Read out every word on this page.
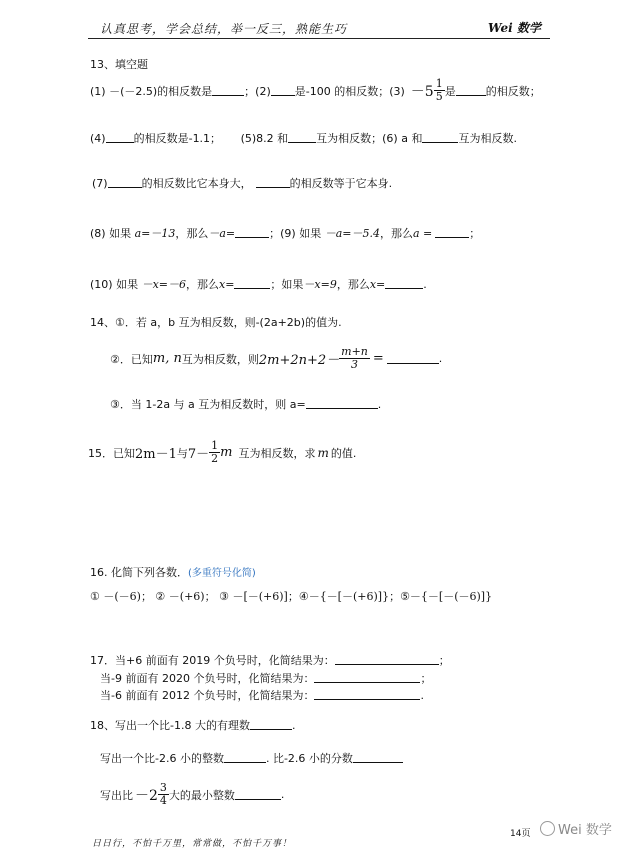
认真思考，学会总结，举一反三，熟能生巧	Wei 数学
13、填空题
(1) －(－2.5)的相反数是	；(2) 是-100 的相反数；$(3) -5 \frac{1}{5}$ 是	的相反数；
(4)	的相反数是-1.1； (5)8.2 和	互为相反数；(6) a 和	互为相反数.
(7)	的相反数比它本身大，	的相反数等于它本身.
(8) 如果 a=－13，那么－a=	；(9) 如果 －a=－5.4，那么a =	；
(10) 如果 －x=－6，那么x=	；如果－x=9，那么x=	.
14、①．若 a，b 互为相反数，则-(2a+2b)的值为.
②．已知 m, n 互为相反数，则 $2m+2n+2- \frac{m+n}{3}$ =	.
③．当 1-2a 与 a 互为相反数时，则 a=	.
15．已知 2m－1 与 $7- \frac{1}{2}$ m 互为相反数，求 m 的值.
16. 化简下列各数．(多重符号化简)
① －(－6)； ② －(+6)； ③ －[－(+6)]；④－{－[－(+6)]}；⑤－{－[－(－6)]}
17．当+6 前面有 2019 个负号时，化简结果为：	；
当-9 前面有 2020 个负号时，化简结果为：	；
当-6 前面有 2012 个负号时，化简结果为：	.
18、写出一个比-1.8 大的有理数	.
写出一个比-2.6 小的整数	. 比-2.6 小的分数
写出比 $-2 \frac{3}{4}$ 大的最小整数	.
日日行，不怕千万里，常常做，不怕千万事！
14页	Wei 数学
